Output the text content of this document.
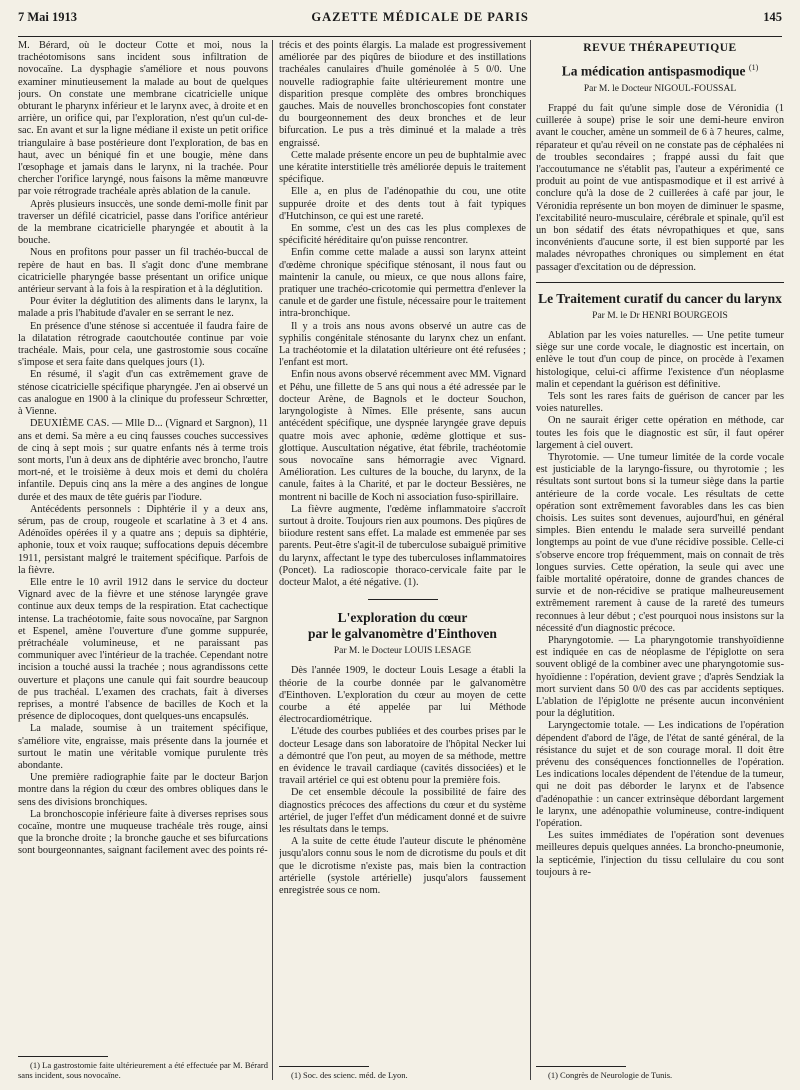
7 Mai 1913	GAZETTE MÉDICALE DE PARIS	145

M. Bérard, où le docteur Cotte et moi, nous la trachéotomisons sans incident sous infiltration de novocaïne. La dysphagie s'améliore et nous pouvons examiner minutieusement la malade au bout de quelques jours. On constate une membrane cicatricielle unique obturant le pharynx inférieur et le larynx avec, à droite et en arrière, un orifice qui, par l'exploration, n'est qu'un cul-de-sac. En avant et sur la ligne médiane il existe un petit orifice triangulaire à base postérieure dont l'exploration, de bas en haut, avec un béniqué fin et une bougie, mène dans l'œsophage et jamais dans le larynx, ni la trachée. Pour chercher l'orifice laryngé, nous faisons la même manœuvre par voie rétrograde trachéale après ablation de la canule.

Après plusieurs insuccès, une sonde demi-molle finit par traverser un défilé cicatriciel, passe dans l'orifice antérieur de la membrane cicatricielle pharyngée et aboutit à la bouche.

Nous en profitons pour passer un fil trachéo-buccal de repère de haut en bas. Il s'agit donc d'une membrane cicatricielle pharyngée basse présentant un orifice unique antérieur servant à la fois à la respiration et à la déglutition.

Pour éviter la déglutition des aliments dans le larynx, la malade a pris l'habitude d'avaler en se serrant le nez.

En présence d'une sténose si accentuée il faudra faire de la dilatation rétrograde caoutchoutée continue par voie trachéale. Mais, pour cela, une gastrostomie sous cocaïne s'impose et sera faite dans quelques jours (1).

En résumé, il s'agit d'un cas extrêmement grave de sténose cicatricielle spécifique pharyngée. J'en ai observé un cas analogue en 1900 à la clinique du professeur Schrœtter, à Vienne.

DEUXIÈME CAS. — Mlle D... (Vignard et Sargnon), 11 ans et demi. Sa mère a eu cinq fausses couches successives de cinq à sept mois ; sur quatre enfants nés à terme trois sont morts, l'un à deux ans de diphtérie avec broncho, l'autre mort-né, et le troisième à deux mois et demi du choléra infantile. Depuis cinq ans la mère a des angines de longue durée et des maux de tête guéris par l'iodure.

Antécédents personnels : Diphtérie il y a deux ans, sérum, pas de croup, rougeole et scarlatine à 3 et 4 ans. Adénoïdes opérées il y a quatre ans ; depuis sa diphtérie, aphonie, toux et voix rauque; suffocations depuis décembre 1911, persistant malgré le traitement spécifique. Parfois de la fièvre.

Elle entre le 10 avril 1912 dans le service du docteur Vignard avec de la fièvre et une sténose laryngée grave continue aux deux temps de la respiration. Etat cachectique intense. La trachéotomie, faite sous novocaïne, par Sargnon et Espenel, amène l'ouverture d'une gomme suppurée, prétrachéale volumineuse, et ne paraissant pas communiquer avec l'intérieur de la trachée. Cependant notre incision a touché aussi la trachée ; nous agrandissons cette ouverture et plaçons une canule qui fait sourdre beaucoup de pus trachéal. L'examen des crachats, fait à diverses reprises, a montré l'absence de bacilles de Koch et la présence de diplocoques, dont quelques-uns encapsulés.

La malade, soumise à un traitement spécifique, s'améliore vite, engraisse, mais présente dans la journée et surtout le matin une véritable vomique purulente très abondante.

Une première radiographie faite par le docteur Barjon montre dans la région du cœur des ombres obliques dans le sens des divisions bronchiques.

La bronchoscopie inférieure faite à diverses reprises sous cocaïne, montre une muqueuse trachéale très rouge, ainsi que la bronche droite ; la bronche gauche et ses bifurcations sont bourgeonnantes, saignant facilement avec des points ré-

(1) La gastrostomie faite ultérieurement a été effectuée par M. Bérard sans incident, sous novocaïne.

trécis et des points élargis. La malade est progressivement améliorée par des piqûres de biiodure et des instillations trachéales canulaires d'huile goménolée à 5 0/0. Une nouvelle radiographie faite ultérieurement montre une disparition presque complète des ombres bronchiques gauches. Mais de nouvelles bronchoscopies font constater du bourgeonnement des deux bronches et de leur bifurcation. Le pus a très diminué et la malade a très engraissé.

Cette malade présente encore un peu de buphtalmie avec une kératite interstitielle très améliorée depuis le traitement spécifique.

Elle a, en plus de l'adénopathie du cou, une otite suppurée droite et des dents tout à fait typiques d'Hutchinson, ce qui est une rareté.

En somme, c'est un des cas les plus complexes de spécificité héréditaire qu'on puisse rencontrer.

Enfin comme cette malade a aussi son larynx atteint d'œdème chronique spécifique sténosant, il nous faut ou maintenir la canule, ou mieux, ce que nous allons faire, pratiquer une trachéo-cricotomie qui permettra d'enlever la canule et de garder une fistule, nécessaire pour le traitement intra-bronchique.

Il y a trois ans nous avons observé un autre cas de syphilis congénitale sténosante du larynx chez un enfant. La trachéotomie et la dilatation ultérieure ont été refusées ; l'enfant est mort.

Enfin nous avons observé récemment avec MM. Vignard et Péhu, une fillette de 5 ans qui nous a été adressée par le docteur Arène, de Bagnols et le docteur Souchon, laryngologiste à Nîmes. Elle présente, sans aucun antécédent spécifique, une dyspnée laryngée grave depuis quatre mois avec aphonie, œdème glottique et sus-glottique. Auscultation négative, état fébrile, trachéotomie sous novocaïne sans hémorragie avec Vignard. Amélioration. Les cultures de la bouche, du larynx, de la canule, faites à la Charité, et par le docteur Bessières, ne montrent ni bacille de Koch ni association fuso-spirillaire.

La fièvre augmente, l'œdème inflammatoire s'accroît surtout à droite. Toujours rien aux poumons. Des piqûres de biiodure restent sans effet. La malade est emmenée par ses parents. Peut-être s'agit-il de tuberculose subaiguë primitive du larynx, affectant le type des tuberculoses inflammatoires (Poncet). La radioscopie thoraco-cervicale faite par le docteur Malot, a été négative. (1).

L'exploration du cœur
par le galvanomètre d'Einthoven
Par M. le Docteur LOUIS LESAGE

Dès l'année 1909, le docteur Louis Lesage a établi la théorie de la courbe donnée par le galvanomètre d'Einthoven. L'exploration du cœur au moyen de cette courbe a été appelée par lui Méthode électrocardiométrique.

L'étude des courbes publiées et des courbes prises par le docteur Lesage dans son laboratoire de l'hôpital Necker lui a démontré que l'on peut, au moyen de sa méthode, mettre en évidence le travail cardiaque (cavités dissociées) et le travail artériel ce qui est obtenu pour la première fois.

De cet ensemble découle la possibilité de faire des diagnostics précoces des affections du cœur et du système artériel, de juger l'effet d'un médicament donné et de suivre les résultats dans le temps.

A la suite de cette étude l'auteur discute le phénomène jusqu'alors connu sous le nom de dicrotisme du pouls et dit que le dicrotisme n'existe pas, mais bien la contraction artérielle (systole artérielle) jusqu'alors faussement enregistrée sous ce nom.

(1) Soc. des scienc. méd. de Lyon.

REVUE THÉRAPEUTIQUE
La médication antispasmodique $^{(1)}$
Par M. le Docteur NIGOUL-FOUSSAL

Frappé du fait qu'une simple dose de Véronidia (1 cuillerée à soupe) prise le soir une demi-heure environ avant le coucher, amène un sommeil de 6 à 7 heures, calme, réparateur et qu'au réveil on ne constate pas de céphalées ni de troubles secondaires ; frappé aussi du fait que l'accoutumance ne s'établit pas, l'auteur a expérimenté ce produit au point de vue antispasmodique et il est arrivé à conclure qu'à la dose de 2 cuillerées à café par jour, le Véronidia représente un bon moyen de diminuer le spasme, l'excitabilité neuro-musculaire, cérébrale et spinale, qu'il est un bon sédatif des états névropathiques et que, sans inconvénients d'aucune sorte, il est bien supporté par les malades névropathes chroniques ou simplement en état passager d'excitation ou de dépression.

Le Traitement curatif du cancer du larynx
Par M. le Dr HENRI BOURGEOIS

Ablation par les voies naturelles. — Une petite tumeur siège sur une corde vocale, le diagnostic est incertain, on enlève le tout d'un coup de pince, on procède à l'examen histologique, celui-ci affirme l'existence d'un néoplasme malin et cependant la guérison est définitive.

Tels sont les rares faits de guérison de cancer par les voies naturelles.

On ne saurait ériger cette opération en méthode, car toutes les fois que le diagnostic est sûr, il faut opérer largement à ciel ouvert.

Thyrotomie. — Une tumeur limitée de la corde vocale est justiciable de la laryngo-fissure, ou thyrotomie ; les résultats sont surtout bons si la tumeur siège dans la partie antérieure de la corde vocale. Les résultats de cette opération sont extrêmement favorables dans les cas bien choisis. Les suites sont devenues, aujourd'hui, en général simples. Bien entendu le malade sera surveillé pendant longtemps au point de vue d'une récidive possible. Celle-ci s'observe encore trop fréquemment, mais on connait de très longues survies. Cette opération, la seule qui avec une faible mortalité opératoire, donne de grandes chances de survie et de non-récidive se pratique malheureusement extrêmement rarement à cause de la rareté des tumeurs reconnues à leur début ; c'est pourquoi nous insistons sur la nécessité d'un diagnostic précoce.

Pharyngotomie. — La pharyngotomie transhyoïdienne est indiquée en cas de néoplasme de l'épiglotte on sera souvent obligé de la combiner avec une pharyngotomie sus-hyoïdienne : l'opération, devient grave ; d'après Sendziak la mort survient dans 50 0/0 des cas par accidents septiques. L'ablation de l'épiglotte ne présente aucun inconvénient pour la déglutition.

Laryngectomie totale. — Les indications de l'opération dépendent d'abord de l'âge, de l'état de santé général, de la résistance du sujet et de son courage moral. Il doit être prévenu des conséquences fonctionnelles de l'opération. Les indications locales dépendent de l'étendue de la tumeur, qui ne doit pas déborder le larynx et de l'absence d'adénopathie : un cancer extrinsèque débordant largement le larynx, une adénopathie volumineuse, contre-indiquent l'opération.

Les suites immédiates de l'opération sont devenues meilleures depuis quelques années. La broncho-pneumonie, la septicémie, l'injection du tissu cellulaire du cou sont toujours à re-

(1) Congrès de Neurologie de Tunis.
